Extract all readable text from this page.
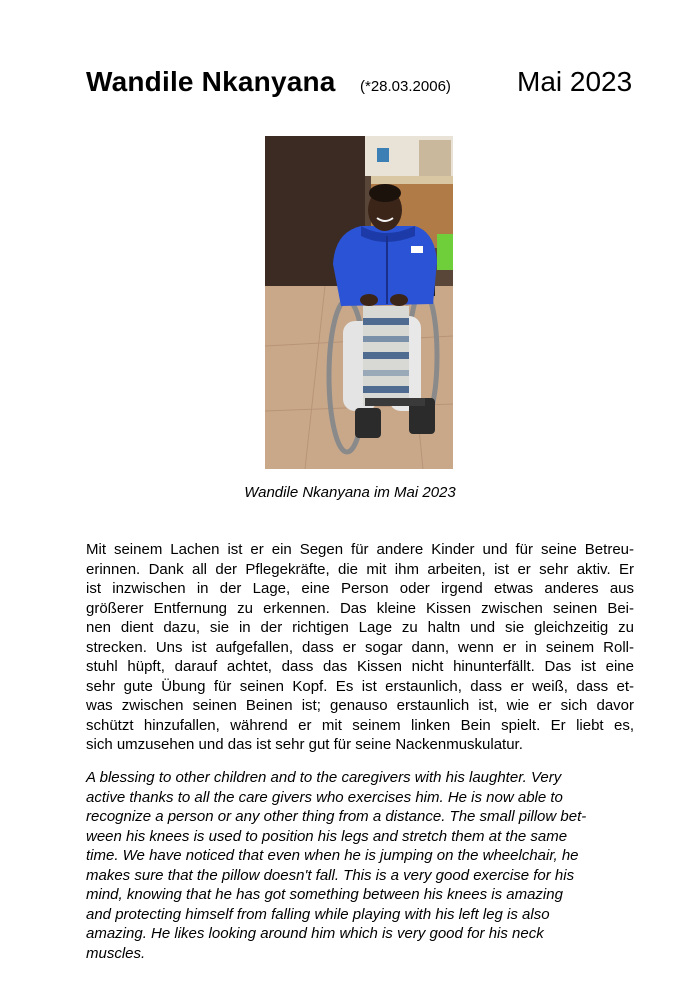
Wandile Nkanyana (*28.03.2006) Mai 2023
Wandile Nkanyana im Mai 2023
Mit seinem Lachen ist er ein Segen für andere Kinder und für seine Betreu-
erinnen. Dank all der Pflegekräfte, die mit ihm arbeiten, ist er sehr aktiv. Er
ist inzwischen in der Lage, eine Person oder irgend etwas anderes aus
größerer Entfernung zu erkennen. Das kleine Kissen zwischen seinen Bei-
nen dient dazu, sie in der richtigen Lage zu haltn und sie gleichzeitig zu
strecken. Uns ist aufgefallen, dass er sogar dann, wenn er in seinem Roll-
stuhl hüpft, darauf achtet, dass das Kissen nicht hinunterfällt. Das ist eine
sehr gute Übung für seinen Kopf. Es ist erstaunlich, dass er weiß, dass et-
was zwischen seinen Beinen ist; genauso erstaunlich ist, wie er sich davor
schützt hinzufallen, während er mit seinem linken Bein spielt. Er liebt es,
sich umzusehen und das ist sehr gut für seine Nackenmuskulatur.
A blessing to other children and to the caregivers with his laughter. Very
active thanks to all the care givers who exercises him. He is now able to
recognize a person or any other thing from a distance. The small pillow bet-
ween his knees is used to position his legs and stretch them at the same
time. We have noticed that even when he is jumping on the wheelchair, he
makes sure that the pillow doesn't fall. This is a very good exercise for his
mind, knowing that he has got something between his knees is amazing
and protecting himself from falling while playing with his left leg is also
amazing. He likes looking around him which is very good for his neck
muscles.
